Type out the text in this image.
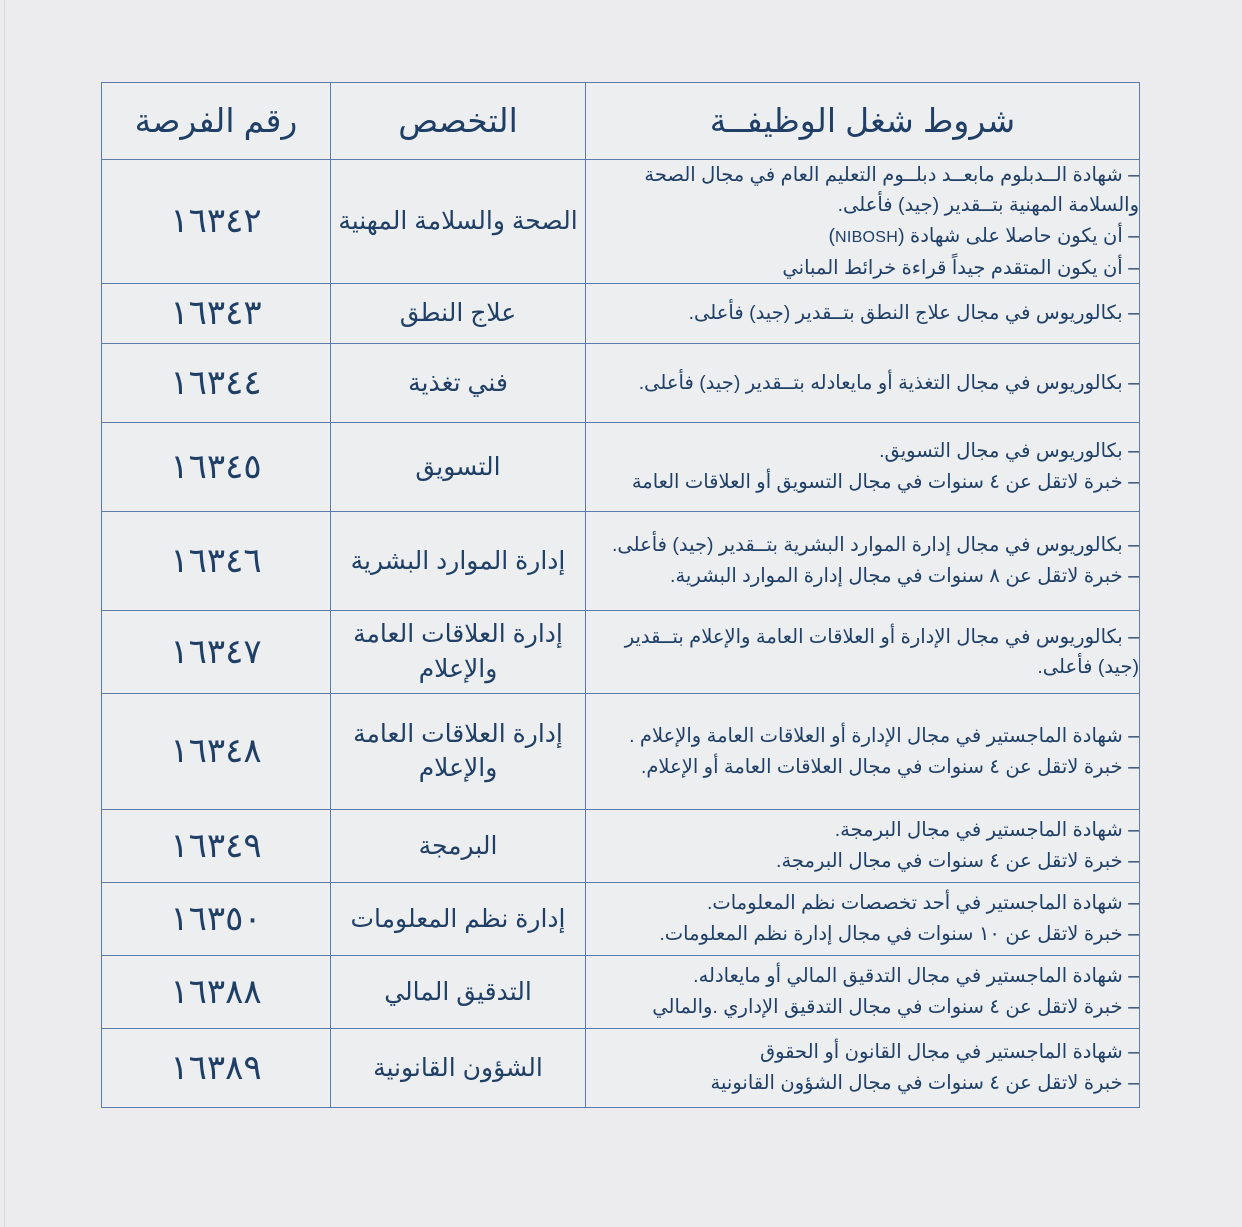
شروط شغل الوظيفــة	التخصص	رقم الفرصة

– شهادة الــدبلوم مابعــد دبلــوم التعليم العام في مجال الصحة والسلامة المهنية بتــقدير (جيد) فأعلى.
– أن يكون حاصلا على شهادة (NIBOSH)
– أن يكون المتقدم جيداً قراءة خرائط المباني	الصحة والسلامة المهنية	١٦٣٤٢

– بكالوريوس في مجال علاج النطق بتــقدير (جيد) فأعلى.	علاج النطق	١٦٣٤٣

– بكالوريوس في مجال التغذية أو مايعادله بتــقدير (جيد) فأعلى.	فني تغذية	١٦٣٤٤

– بكالوريوس في مجال التسويق.
– خبرة لاتقل عن ٤ سنوات في مجال التسويق أو العلاقات العامة	التسويق	١٦٣٤٥

– بكالوريوس في مجال إدارة الموارد البشرية بتــقدير (جيد) فأعلى.
– خبرة لاتقل عن ٨ سنوات في مجال إدارة الموارد البشرية.	إدارة الموارد البشرية	١٦٣٤٦

– بكالوريوس في مجال الإدارة أو العلاقات العامة والإعلام بتــقدير (جيد) فأعلى.	إدارة العلاقات العامة والإعلام	١٦٣٤٧

– شهادة الماجستير في مجال الإدارة أو العلاقات العامة والإعلام .
– خبرة لاتقل عن ٤ سنوات في مجال العلاقات العامة أو الإعلام.	إدارة العلاقات العامة والإعلام	١٦٣٤٨

– شهادة الماجستير في مجال البرمجة.
– خبرة لاتقل عن ٤ سنوات في مجال البرمجة.	البرمجة	١٦٣٤٩

– شهادة الماجستير في أحد تخصصات نظم المعلومات.
– خبرة لاتقل عن ١٠ سنوات في مجال إدارة نظم المعلومات.	إدارة نظم المعلومات	١٦٣٥٠

– شهادة الماجستير في مجال التدقيق المالي أو مايعادله.
– خبرة لاتقل عن ٤ سنوات في مجال التدقيق الإداري .والمالي	التدقيق المالي	١٦٣٨٨

– شهادة الماجستير في مجال القانون أو الحقوق
– خبرة لاتقل عن ٤ سنوات في مجال الشؤون القانونية	الشؤون القانونية	١٦٣٨٩
